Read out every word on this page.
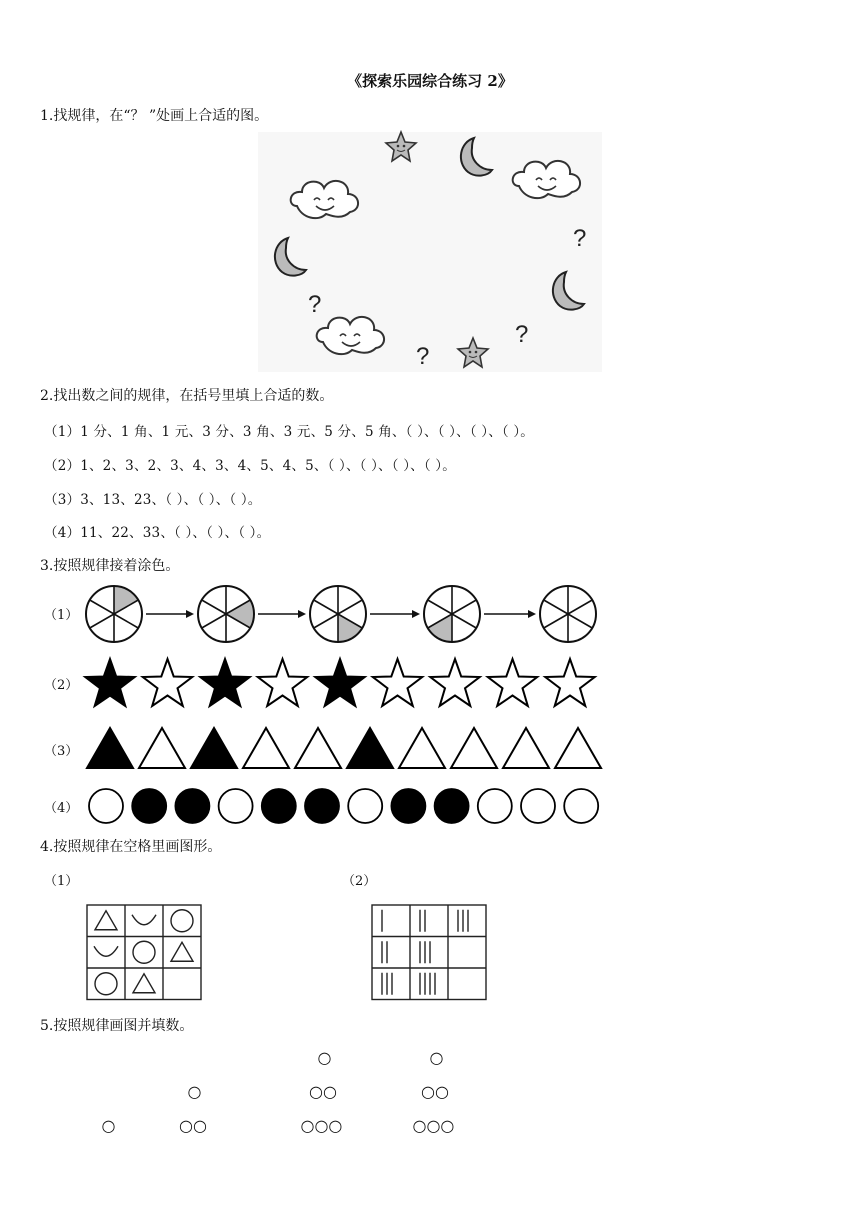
《探索乐园综合练习 2》
1.找规律，在“？ ”处画上合适的图。
?
?
?
?
2.找出数之间的规律，在括号里填上合适的数。
（1）1 分、1 角、1 元、3 分、3 角、3 元、5 分、5 角、（ ）、（ ）、（ ）、（ ）。
（2）1、2、3、2、3、4、3、4、5、4、5、（ ）、（ ）、（ ）、（ ）。
（3）3、13、23、（ ）、（ ）、（ ）。
（4）11、22、33、（ ）、（ ）、（ ）。
3.按照规律接着涂色。
（1）
（2）
（3）
（4）
4.按照规律在空格里画图形。
（1）	（2）
5.按照规律画图并填数。
○
○
○○
○
○○
○○○
○
○○
○○○
